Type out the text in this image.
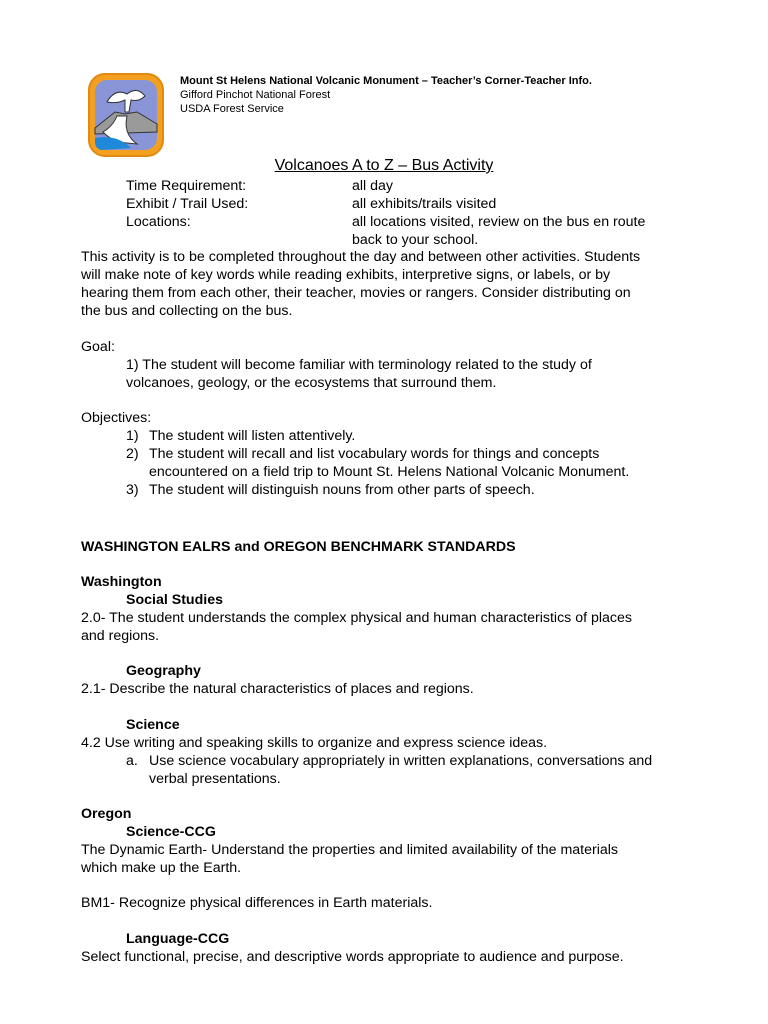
Mount St Helens National Volcanic Monument – Teacher’s Corner-Teacher Info.
Gifford Pinchot National Forest
USDA Forest Service
Volcanoes A to Z – Bus Activity
Time Requirement:	all day
Exhibit / Trail Used:	all exhibits/trails visited
Locations:	all locations visited, review on the bus en route
back to your school.
This activity is to be completed throughout the day and between other activities. Students
will make note of key words while reading exhibits, interpretive signs, or labels, or by
hearing them from each other, their teacher, movies or rangers. Consider distributing on
the bus and collecting on the bus.
Goal:
1) The student will become familiar with terminology related to the study of
volcanoes, geology, or the ecosystems that surround them.
Objectives:
1) The student will listen attentively.
2) The student will recall and list vocabulary words for things and concepts
encountered on a field trip to Mount St. Helens National Volcanic Monument.
3) The student will distinguish nouns from other parts of speech.
WASHINGTON EALRS and OREGON BENCHMARK STANDARDS
Washington
Social Studies
2.0- The student understands the complex physical and human characteristics of places
and regions.
Geography
2.1- Describe the natural characteristics of places and regions.
Science
4.2 Use writing and speaking skills to organize and express science ideas.
a. Use science vocabulary appropriately in written explanations, conversations and
verbal presentations.
Oregon
Science-CCG
The Dynamic Earth- Understand the properties and limited availability of the materials
which make up the Earth.
BM1- Recognize physical differences in Earth materials.
Language-CCG
Select functional, precise, and descriptive words appropriate to audience and purpose.
